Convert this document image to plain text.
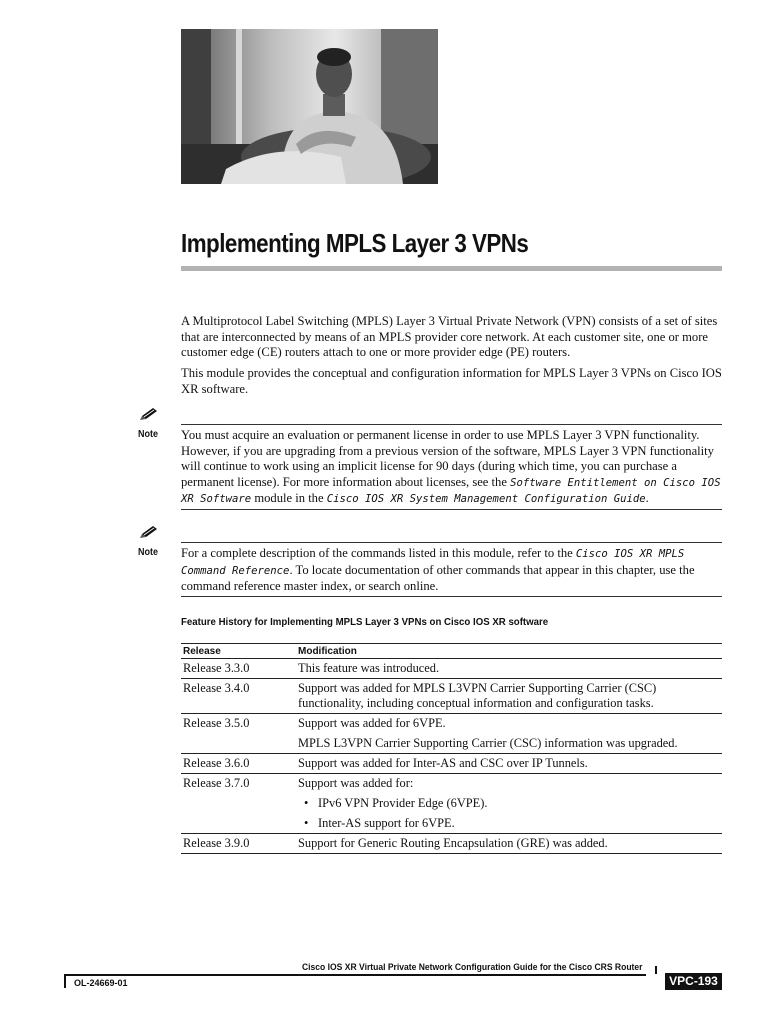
Implementing MPLS Layer 3 VPNs

A Multiprotocol Label Switching (MPLS) Layer 3 Virtual Private Network (VPN) consists of a set of sites that are interconnected by means of an MPLS provider core network. At each customer site, one or more customer edge (CE) routers attach to one or more provider edge (PE) routers.

This module provides the conceptual and configuration information for MPLS Layer 3 VPNs on Cisco IOS XR software.

Note You must acquire an evaluation or permanent license in order to use MPLS Layer 3 VPN functionality. However, if you are upgrading from a previous version of the software, MPLS Layer 3 VPN functionality will continue to work using an implicit license for 90 days (during which time, you can purchase a permanent license). For more information about licenses, see the Software Entitlement on Cisco IOS XR Software module in the Cisco IOS XR System Management Configuration Guide.

Note For a complete description of the commands listed in this module, refer to the Cisco IOS XR MPLS Command Reference. To locate documentation of other commands that appear in this chapter, use the command reference master index, or search online.

Feature History for Implementing MPLS Layer 3 VPNs on Cisco IOS XR software
Release	Modification
Release 3.3.0	This feature was introduced.

Release 3.4.0	Support was added for MPLS L3VPN Carrier Supporting Carrier (CSC) functionality, including conceptual information and configuration tasks.

Release 3.5.0	Support was added for 6VPE.
MPLS L3VPN Carrier Supporting Carrier (CSC) information was upgraded.

Release 3.6.0	Support was added for Inter-AS and CSC over IP Tunnels.

Release 3.7.0	Support was added for:
• IPv6 VPN Provider Edge (6VPE).
• Inter-AS support for 6VPE.

Release 3.9.0	Support for Generic Routing Encapsulation (GRE) was added.
Cisco IOS XR Virtual Private Network Configuration Guide for the Cisco CRS Router
OL-24669-01	VPC-193
